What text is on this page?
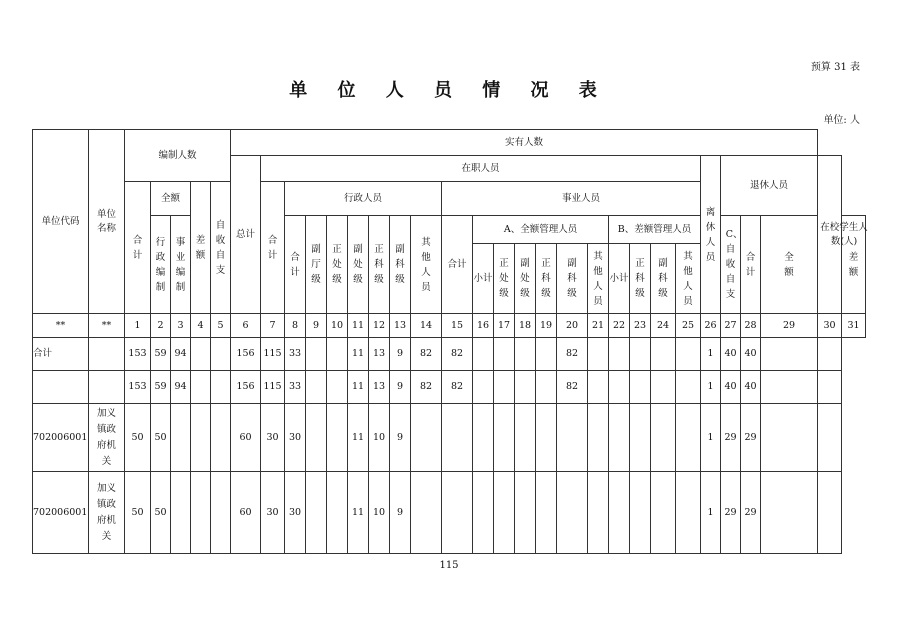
预算 31 表
单 位 人 员 情 况 表
单位: 人
单位代码	单位名称	编制人数					实有人数																									
							总计	在职人员																			离休人员	退休人员			在校学生人数(人)	
		合计	全额		差额	自收自支		合计	行政人员							事业人员																
			行政编制	事业编制					合计	副厅级	正处级	副处级	正科级	副科级	其他人员	合计	A、全额管理人员						B、差额管理人员					C、自收自支	合计	全额		差额
																	小计	正处级	副处级	正科级	副科级	其他人员	小计	正科级	副科级	其他人员						
**	**	1	2	3	4	5	6	7	8	9	10	11	12	13	14	15	16	17	18	19	20	21	22	23	24	25	26	27	28	29	30	31
合计		153	59	94			156	115	33			11	13	9	82	82					82						1	40	40			
		153	59	94			156	115	33			11	13	9	82	82					82						1	40	40			
702006001	加义镇政府机关	50	50				60	30	30			11	10	9													1	29	29			
702006001	加义镇政府机关	50	50				60	30	30			11	10	9													1	29	29			
115
